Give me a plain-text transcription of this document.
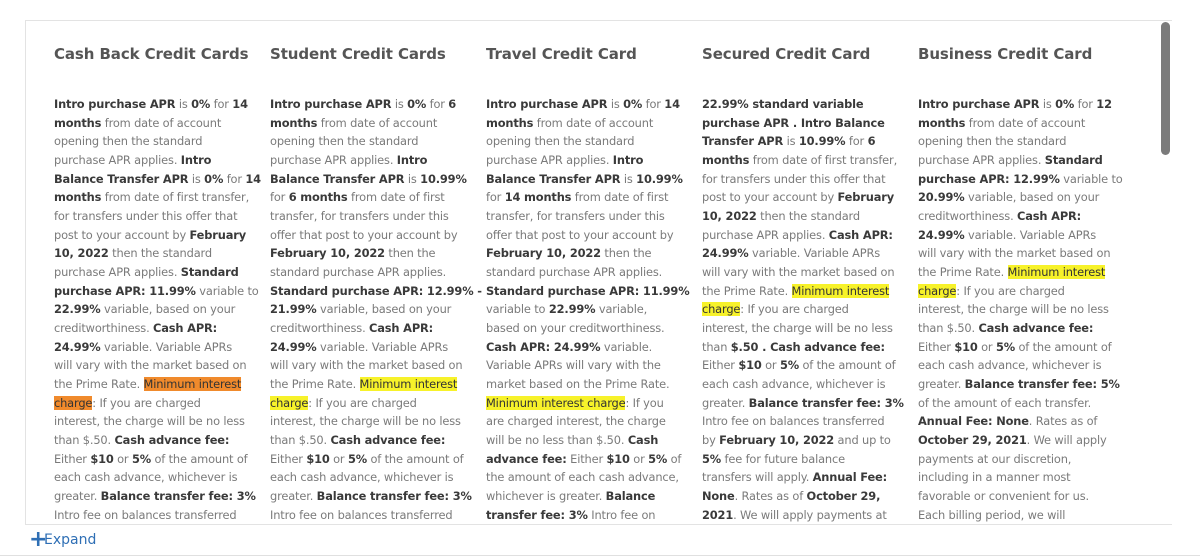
Cash Back Credit Cards
Intro purchase APR is 0% for 14
months from date of account
opening then the standard
purchase APR applies. Intro
Balance Transfer APR is 0% for 14
months from date of first transfer,
for transfers under this offer that
post to your account by February
10, 2022 then the standard
purchase APR applies. Standard
purchase APR: 11.99% variable to
22.99% variable, based on your
creditworthiness. Cash APR:
24.99% variable. Variable APRs
will vary with the market based on
the Prime Rate. Minimum interest
charge: If you are charged
interest, the charge will be no less
than $.50. Cash advance fee:
Either $10 or 5% of the amount of
each cash advance, whichever is
greater. Balance transfer fee: 3%
Intro fee on balances transferred
Student Credit Cards
Intro purchase APR is 0% for 6
months from date of account
opening then the standard
purchase APR applies. Intro
Balance Transfer APR is 10.99%
for 6 months from date of first
transfer, for transfers under this
offer that post to your account by
February 10, 2022 then the
standard purchase APR applies.
Standard purchase APR: 12.99% -
21.99% variable, based on your
creditworthiness. Cash APR:
24.99% variable. Variable APRs
will vary with the market based on
the Prime Rate. Minimum interest
charge: If you are charged
interest, the charge will be no less
than $.50. Cash advance fee:
Either $10 or 5% of the amount of
each cash advance, whichever is
greater. Balance transfer fee: 3%
Intro fee on balances transferred
Travel Credit Card
Intro purchase APR is 0% for 14
months from date of account
opening then the standard
purchase APR applies. Intro
Balance Transfer APR is 10.99%
for 14 months from date of first
transfer, for transfers under this
offer that post to your account by
February 10, 2022 then the
standard purchase APR applies.
Standard purchase APR: 11.99%
variable to 22.99% variable,
based on your creditworthiness.
Cash APR: 24.99% variable.
Variable APRs will vary with the
market based on the Prime Rate.
Minimum interest charge: If you
are charged interest, the charge
will be no less than $.50. Cash
advance fee: Either $10 or 5% of
the amount of each cash advance,
whichever is greater. Balance
transfer fee: 3% Intro fee on
Secured Credit Card
22.99% standard variable
purchase APR . Intro Balance
Transfer APR is 10.99% for 6
months from date of first transfer,
for transfers under this offer that
post to your account by February
10, 2022 then the standard
purchase APR applies. Cash APR:
24.99% variable. Variable APRs
will vary with the market based on
the Prime Rate. Minimum interest
charge: If you are charged
interest, the charge will be no less
than $.50 . Cash advance fee:
Either $10 or 5% of the amount of
each cash advance, whichever is
greater. Balance transfer fee: 3%
Intro fee on balances transferred
by February 10, 2022 and up to
5% fee for future balance
transfers will apply. Annual Fee:
None. Rates as of October 29,
2021. We will apply payments at
Business Credit Card
Intro purchase APR is 0% for 12
months from date of account
opening then the standard
purchase APR applies. Standard
purchase APR: 12.99% variable to
20.99% variable, based on your
creditworthiness. Cash APR:
24.99% variable. Variable APRs
will vary with the market based on
the Prime Rate. Minimum interest
charge: If you are charged
interest, the charge will be no less
than $.50. Cash advance fee:
Either $10 or 5% of the amount of
each cash advance, whichever is
greater. Balance transfer fee: 5%
of the amount of each transfer.
Annual Fee: None. Rates as of
October 29, 2021. We will apply
payments at our discretion,
including in a manner most
favorable or convenient for us.
Each billing period, we will
+
Expand
